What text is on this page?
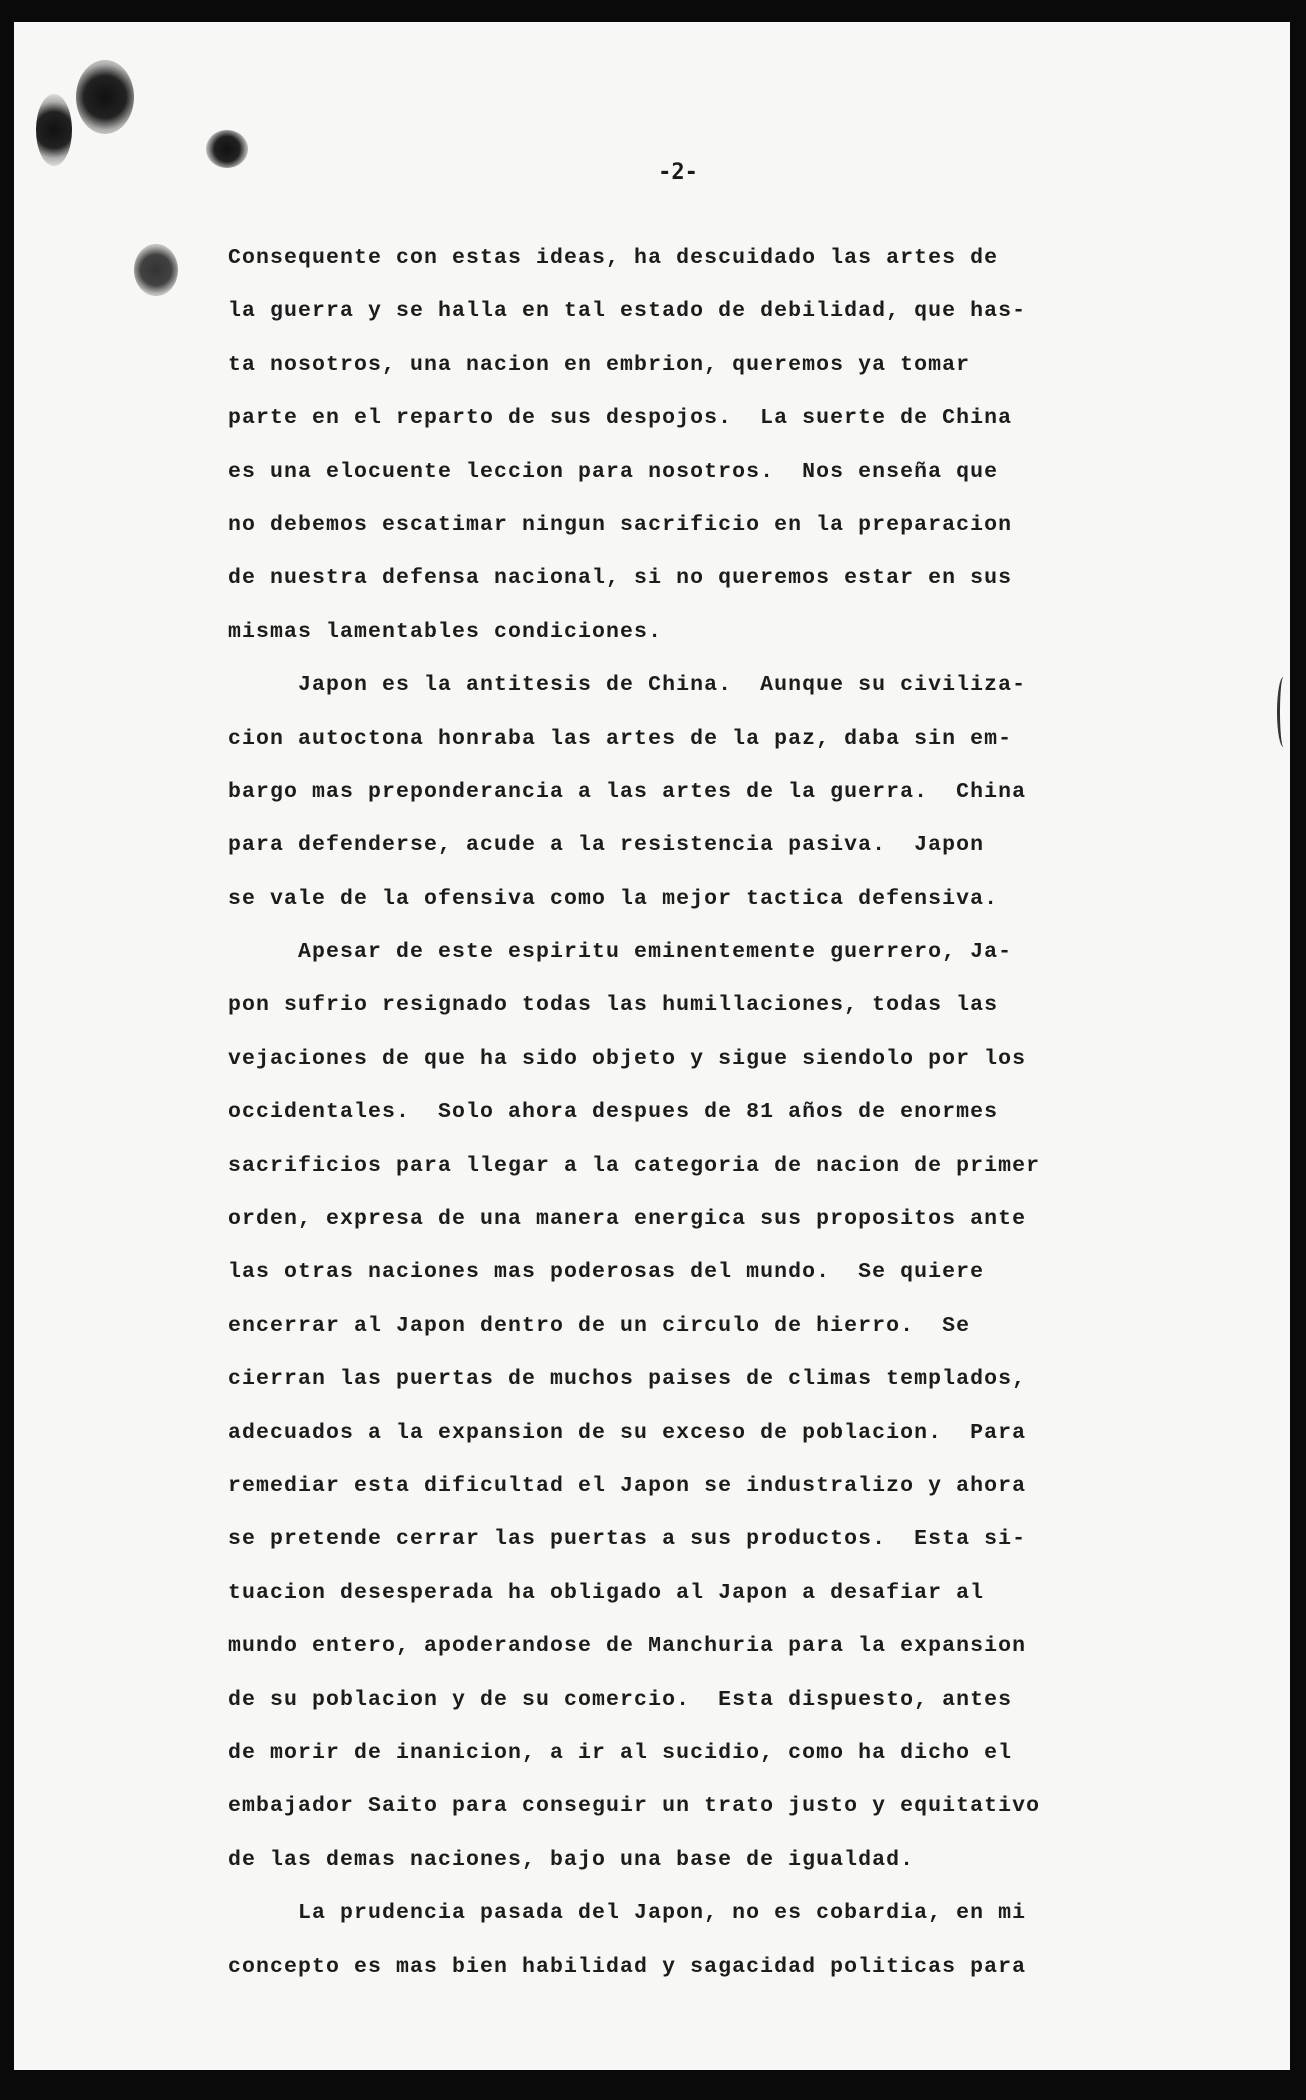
-2-
Consequente con estas ideas, ha descuidado las artes de
la guerra y se halla en tal estado de debilidad, que has-
ta nosotros, una nacion en embrion, queremos ya tomar
parte en el reparto de sus despojos.  La suerte de China
es una elocuente leccion para nosotros.  Nos enseña que
no debemos escatimar ningun sacrificio en la preparacion
de nuestra defensa nacional, si no queremos estar en sus
mismas lamentables condiciones.
Japon es la antitesis de China.  Aunque su civiliza-
cion autoctona honraba las artes de la paz, daba sin em-
bargo mas preponderancia a las artes de la guerra.  China
para defenderse, acude a la resistencia pasiva.  Japon
se vale de la ofensiva como la mejor tactica defensiva.
Apesar de este espiritu eminentemente guerrero, Ja-
pon sufrio resignado todas las humillaciones, todas las
vejaciones de que ha sido objeto y sigue siendolo por los
occidentales.  Solo ahora despues de 81 años de enormes
sacrificios para llegar a la categoria de nacion de primer
orden, expresa de una manera energica sus propositos ante
las otras naciones mas poderosas del mundo.  Se quiere
encerrar al Japon dentro de un circulo de hierro.  Se
cierran las puertas de muchos paises de climas templados,
adecuados a la expansion de su exceso de poblacion.  Para
remediar esta dificultad el Japon se industralizo y ahora
se pretende cerrar las puertas a sus productos.  Esta si-
tuacion desesperada ha obligado al Japon a desafiar al
mundo entero, apoderandose de Manchuria para la expansion
de su poblacion y de su comercio.  Esta dispuesto, antes
de morir de inanicion, a ir al sucidio, como ha dicho el
embajador Saito para conseguir un trato justo y equitativo
de las demas naciones, bajo una base de igualdad.
La prudencia pasada del Japon, no es cobardia, en mi
concepto es mas bien habilidad y sagacidad politicas para
